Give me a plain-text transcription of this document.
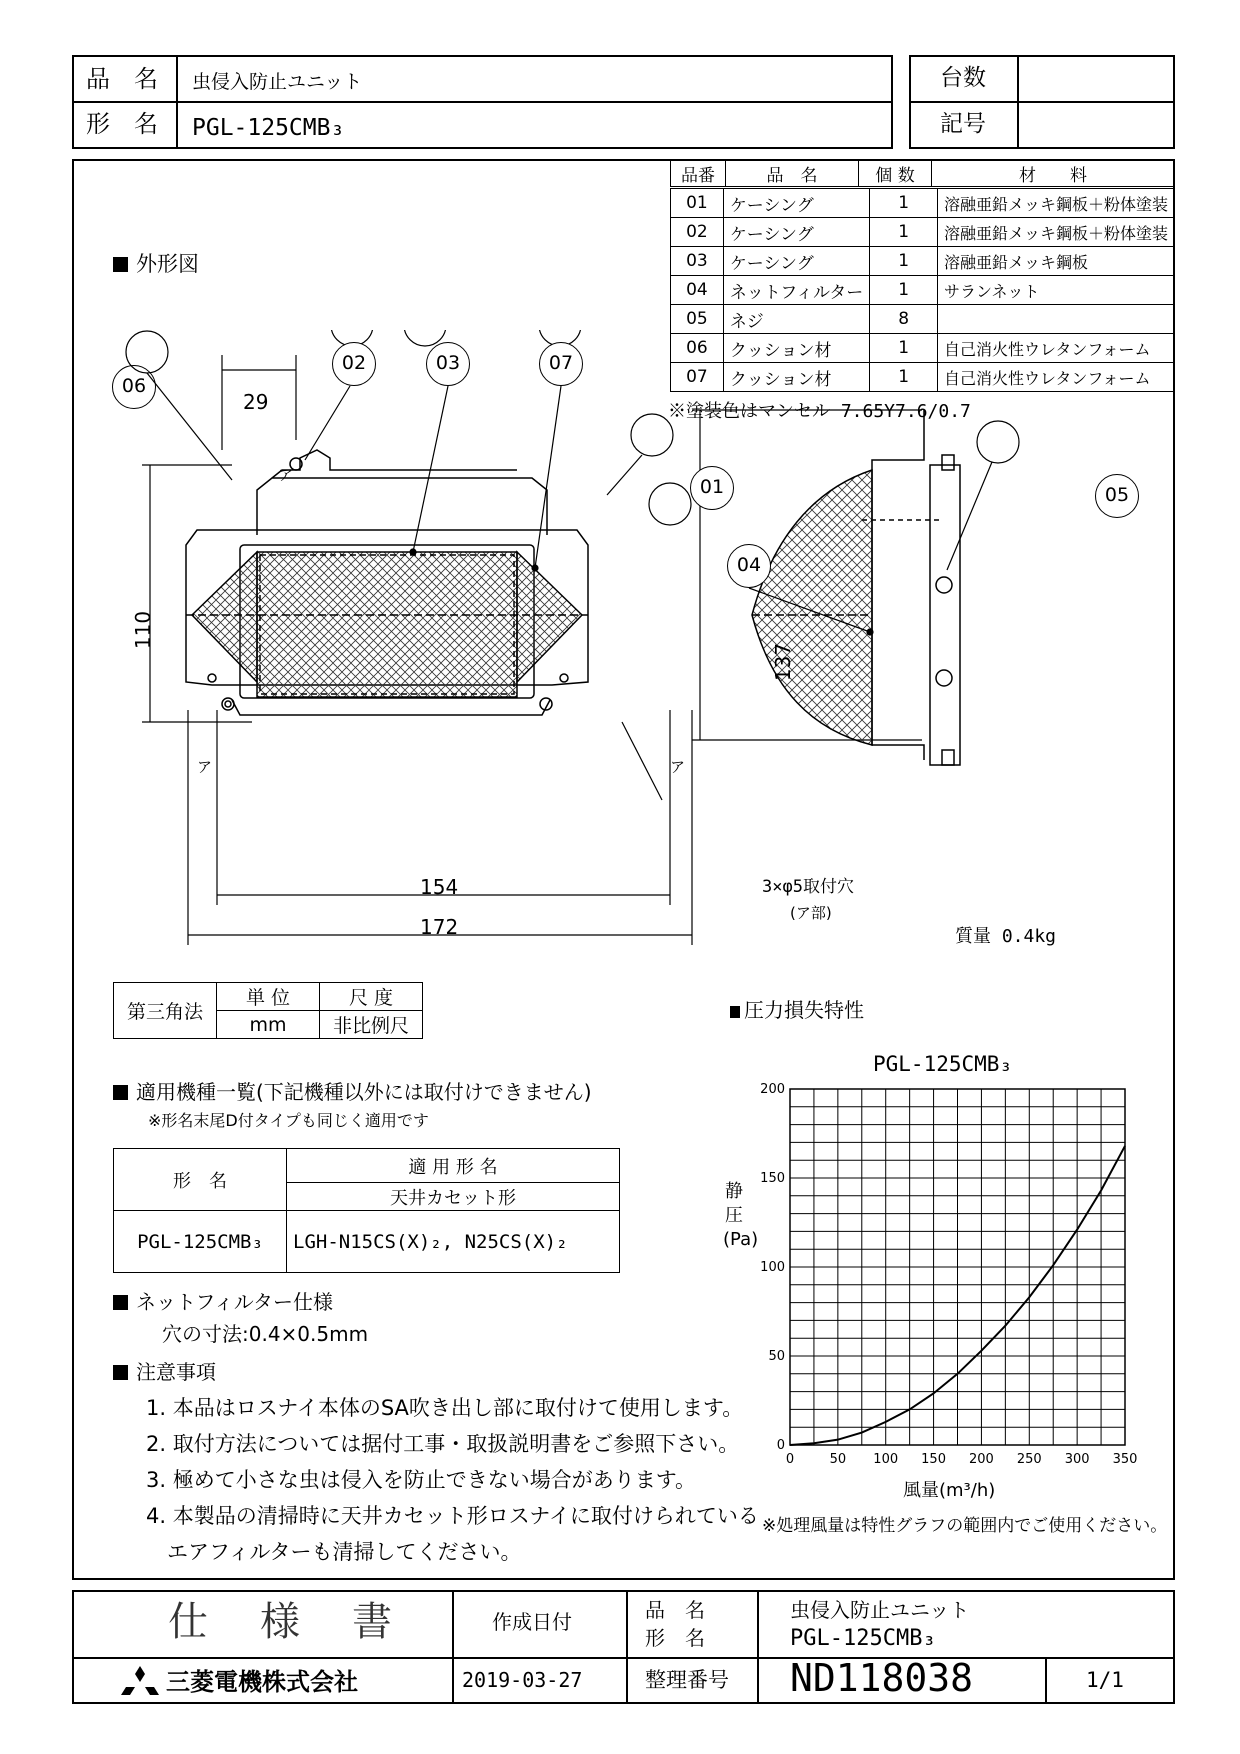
品　名 虫侵入防止ユニット
形　名 PGL-125CMB₃
台数
記号
品番	品　名	個 数	材　　料
01	ケーシング	1	溶融亜鉛メッキ鋼板＋粉体塗装
02	ケーシング	1	溶融亜鉛メッキ鋼板＋粉体塗装
03	ケーシング	1	溶融亜鉛メッキ鋼板
04	ネットフィルター	1	サランネット
05	ネジ	8	
06	クッション材	1	自己消火性ウレタンフォーム
07	クッション材	1	自己消火性ウレタンフォーム
※塗装色はマンセル 7.65Y7.6/0.7
外形図
06
02	03	07
01
04
05
29
110
154
172
137
ア
ア	ア
3×φ5取付穴
(ア部)
質量 0.4kg
第三角法	単 位	尺 度
	mm	非比例尺
適用機種一覧(下記機種以外には取付けできません)
※形名末尾D付タイプも同じく適用です
形　名	適 用 形 名
	天井カセット形
PGL-125CMB₃	LGH-N15CS(X)₂, N25CS(X)₂
ネットフィルター仕様
穴の寸法:0.4×0.5mm
注意事項
1. 本品はロスナイ本体のSA吹き出し部に取付けて使用します。
2. 取付方法については据付工事・取扱説明書をご参照下さい。
3. 極めて小さな虫は侵入を防止できない場合があります。
4. 本製品の清掃時に天井カセット形ロスナイに取付けられている
　エアフィルターも清掃してください。
圧力損失特性
PGL-125CMB₃
静 圧 (Pa)
風量(m³/h)
※処理風量は特性グラフの範囲内でご使用ください。
0	50 100 150 200 250 300 350
0
50
100
150
200
仕　様　書	作成日付
2019-03-27
品　名
形　名
虫侵入防止ユニット
PGL-125CMB₃
三菱電機株式会社	整理番号 ND118038	1/1
